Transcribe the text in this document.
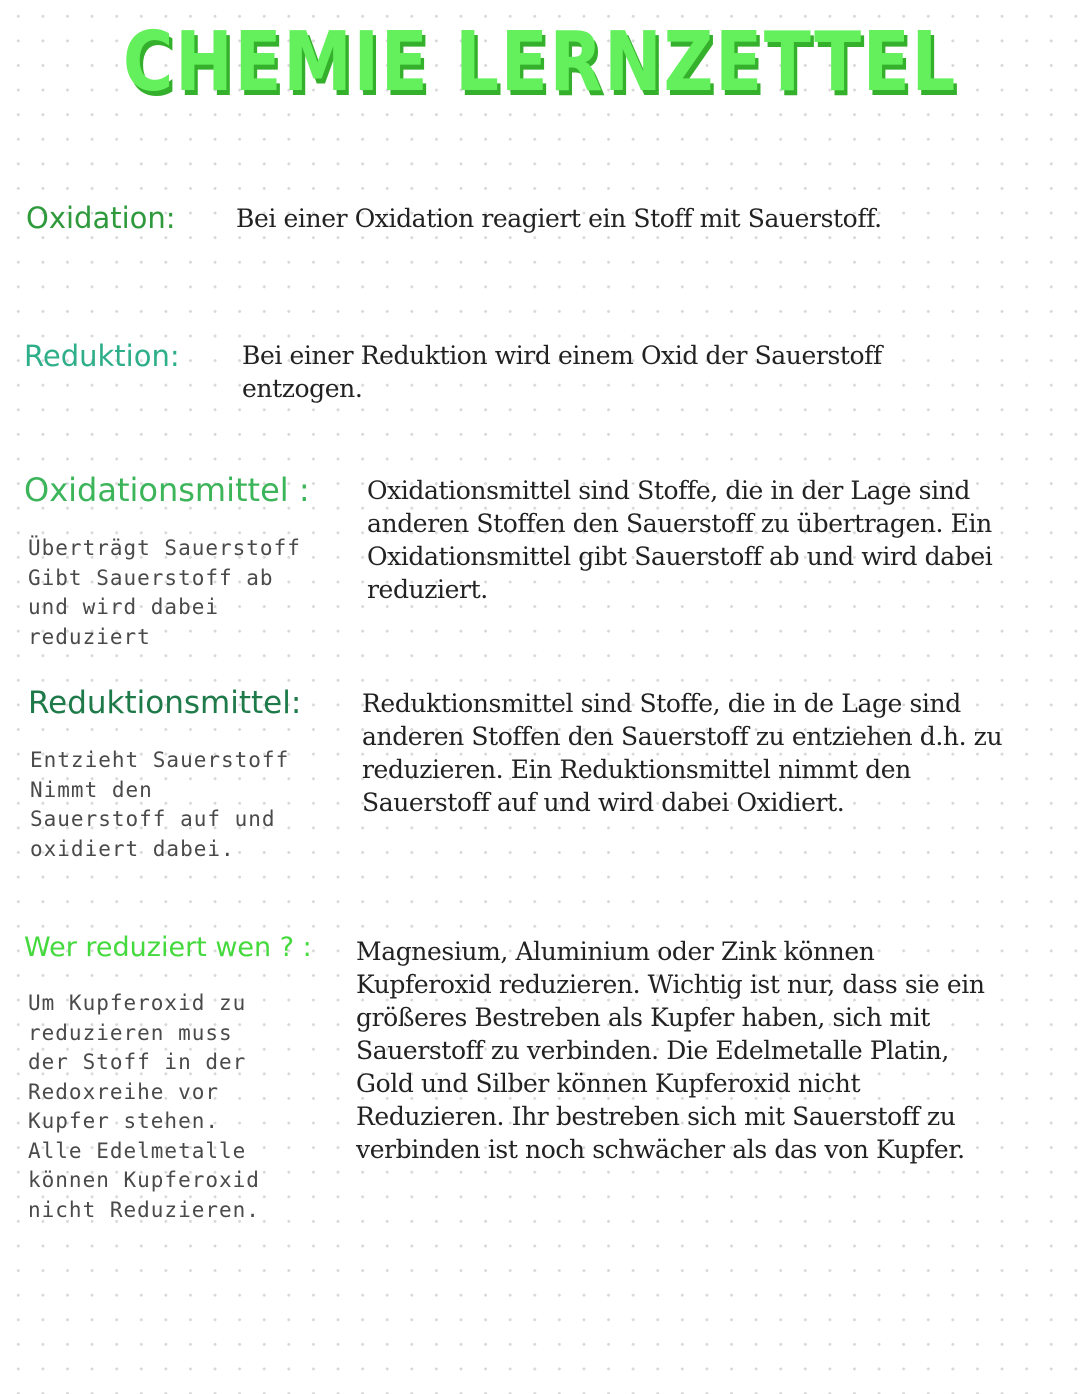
CHEMIE LERNZETTEL

Oxidation: Bei einer Oxidation reagiert ein Stoff mit Sauerstoff.

Reduktion: Bei einer Reduktion wird einem Oxid der Sauerstoff entzogen.

Oxidationsmittel : Oxidationsmittel sind Stoffe, die in der Lage sind anderen Stoffen den Sauerstoff zu übertragen. Ein Oxidationsmittel gibt Sauerstoff ab und wird dabei reduziert.

Überträgt Sauerstoff
Gibt Sauerstoff ab
und wird dabei
reduziert

Reduktionsmittel: Reduktionsmittel sind Stoffe, die in de Lage sind anderen Stoffen den Sauerstoff zu entziehen d.h. zu reduzieren. Ein Reduktionsmittel nimmt den Sauerstoff auf und wird dabei Oxidiert.

Entzieht Sauerstoff
Nimmt den
Sauerstoff auf und
oxidiert dabei.

Wer reduziert wen ? : Magnesium, Aluminium oder Zink können Kupferoxid reduzieren. Wichtig ist nur, dass sie ein größeres Bestreben als Kupfer haben, sich mit Sauerstoff zu verbinden. Die Edelmetalle Platin, Gold und Silber können Kupferoxid nicht Reduzieren. Ihr bestreben sich mit Sauerstoff zu verbinden ist noch schwächer als das von Kupfer.

Um Kupferoxid zu
reduzieren muss
der Stoff in der
Redoxreihe vor
Kupfer stehen.
Alle Edelmetalle
können Kupferoxid
nicht Reduzieren.
